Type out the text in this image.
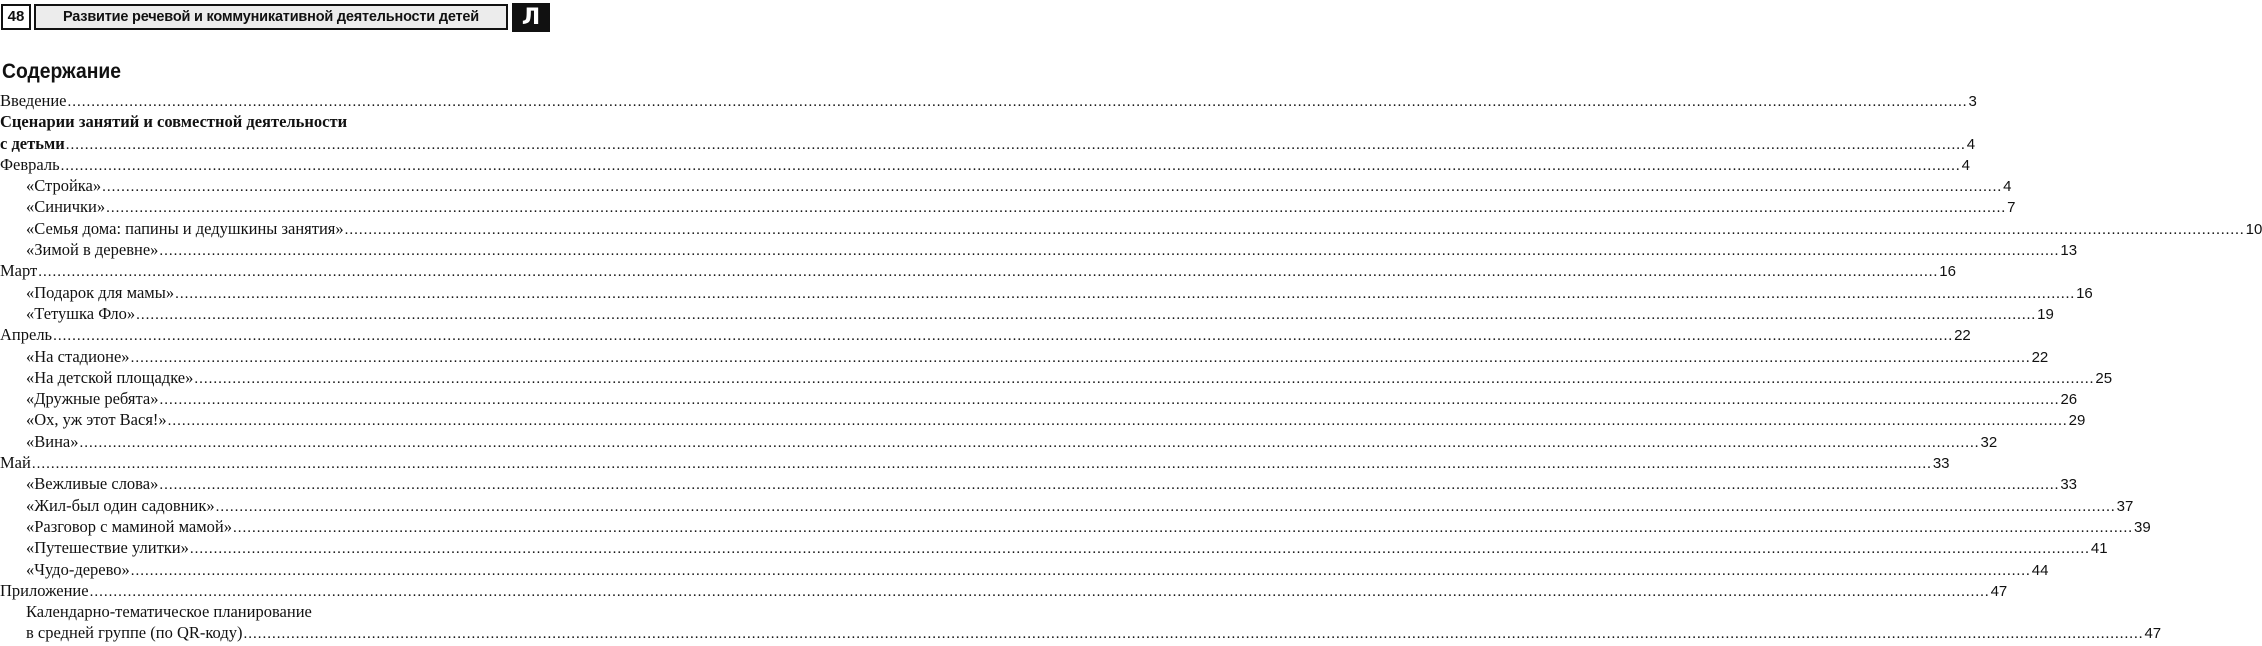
48	Развитие речевой и коммуникативной деятельности детей	Л
Содержание
Введение ................................................................................................................................................................................................................................................................................................................................................................................................................ 3
Сценарии занятий и совместной деятельности
с детьми ................................................................................................................................................................................................................................................................................................................................................................................................................ 4
Февраль ................................................................................................................................................................................................................................................................................................................................................................................................................ 4
«Стройка» ................................................................................................................................................................................................................................................................................................................................................................................................................ 4
«Синички» ................................................................................................................................................................................................................................................................................................................................................................................................................ 7
«Семья дома: папины и дедушкины занятия» ................................................................................................................................................................................................................................................................................................................................................................................................................ 10
«Зимой в деревне» ................................................................................................................................................................................................................................................................................................................................................................................................................ 13
Март ................................................................................................................................................................................................................................................................................................................................................................................................................ 16
«Подарок для мамы» ................................................................................................................................................................................................................................................................................................................................................................................................................ 16
«Тетушка Фло» ................................................................................................................................................................................................................................................................................................................................................................................................................ 19
Апрель ................................................................................................................................................................................................................................................................................................................................................................................................................ 22
«На стадионе» ................................................................................................................................................................................................................................................................................................................................................................................................................ 22
«На детской площадке» ................................................................................................................................................................................................................................................................................................................................................................................................................ 25
«Дружные ребята» ................................................................................................................................................................................................................................................................................................................................................................................................................ 26
«Ох, уж этот Вася!» ................................................................................................................................................................................................................................................................................................................................................................................................................ 29
«Вина» ................................................................................................................................................................................................................................................................................................................................................................................................................ 32
Май ................................................................................................................................................................................................................................................................................................................................................................................................................ 33
«Вежливые слова» ................................................................................................................................................................................................................................................................................................................................................................................................................ 33
«Жил-был один садовник» ................................................................................................................................................................................................................................................................................................................................................................................................................ 37
«Разговор с маминой мамой» ................................................................................................................................................................................................................................................................................................................................................................................................................ 39
«Путешествие улитки» ................................................................................................................................................................................................................................................................................................................................................................................................................ 41
«Чудо-дерево» ................................................................................................................................................................................................................................................................................................................................................................................................................ 44
Приложение ................................................................................................................................................................................................................................................................................................................................................................................................................ 47
Календарно-тематическое планирование
в средней группе (по QR-коду) ................................................................................................................................................................................................................................................................................................................................................................................................................ 47
